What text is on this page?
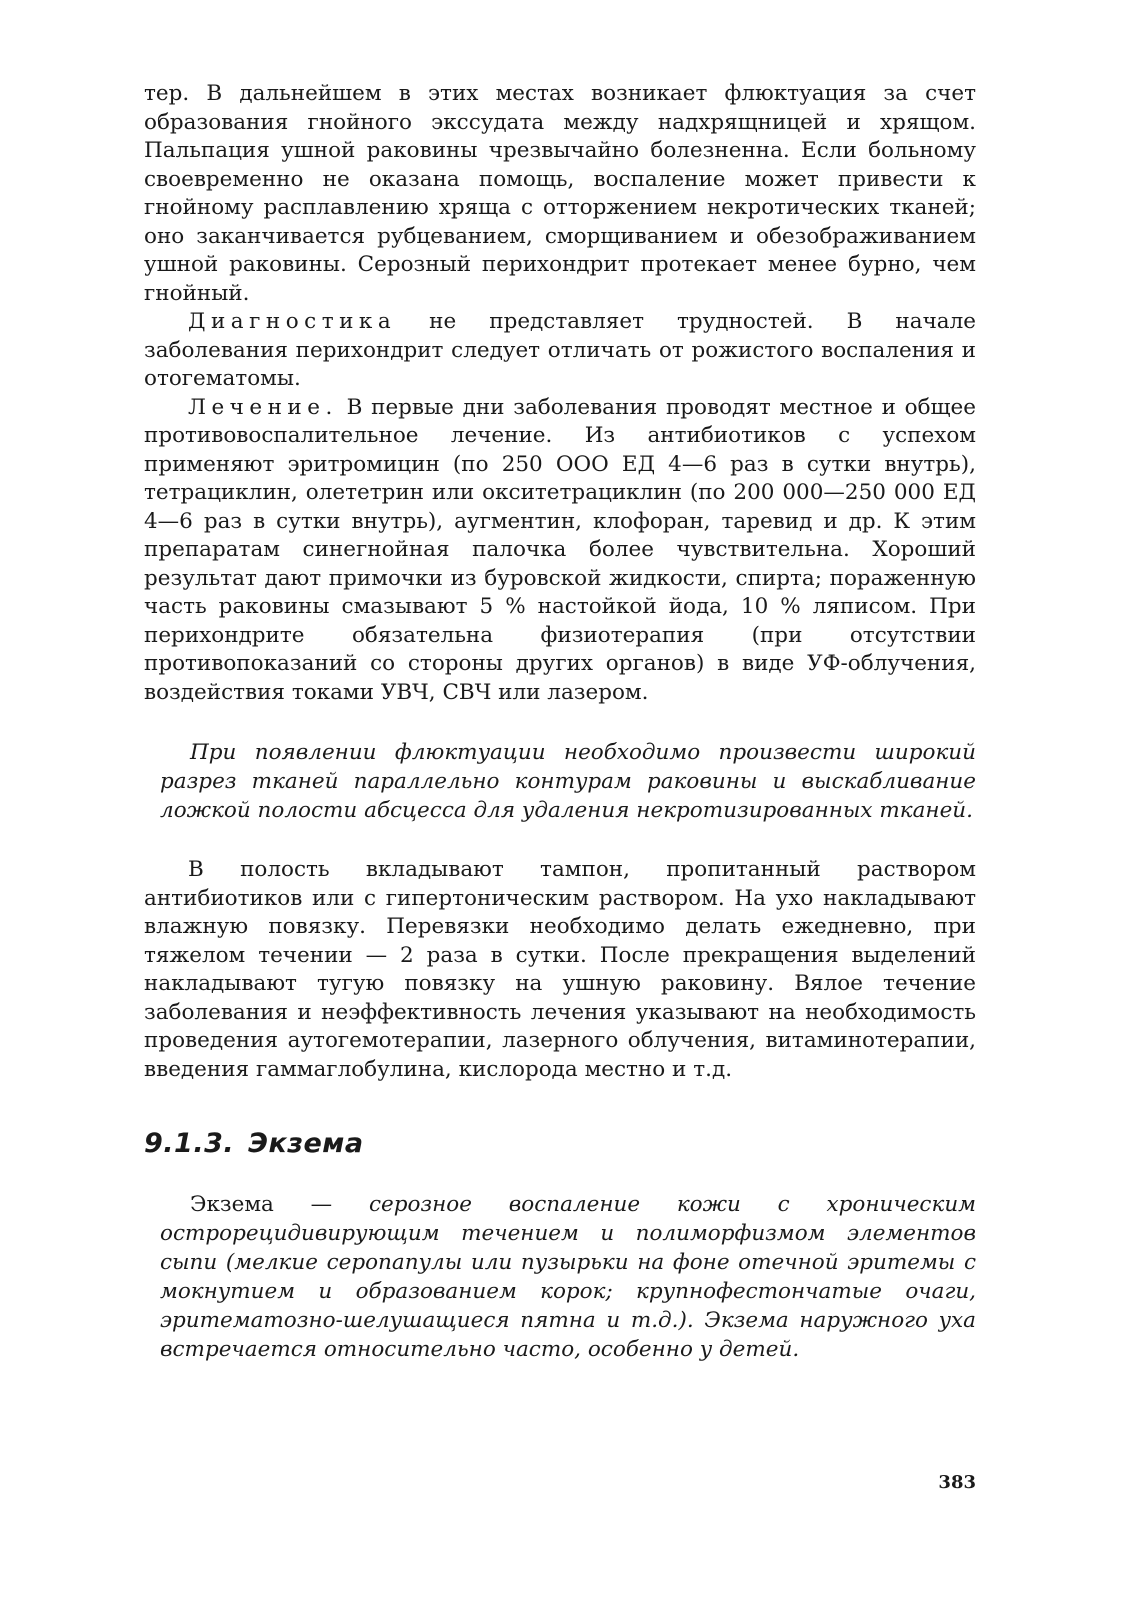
тер. В дальнейшем в этих местах возникает флюктуация за счет образования гнойного экссудата между надхрящницей и хрящом. Пальпация ушной раковины чрезвычайно болезненна. Если больному своевременно не оказана помощь, воспаление может привести к гнойному расплавлению хряща с отторжением некротических тканей; оно заканчивается рубцеванием, сморщиванием и обезображиванием ушной раковины. Серозный перихондрит протекает менее бурно, чем гнойный.

Диагностика не представляет трудностей. В начале заболевания перихондрит следует отличать от рожистого воспаления и отогематомы.

Лечение. В первые дни заболевания проводят местное и общее противовоспалительное лечение. Из антибиотиков с успехом применяют эритромицин (по 250 ООО ЕД 4—6 раз в сутки внутрь), тетрациклин, олететрин или окситетрациклин (по 200 000—250 000 ЕД 4—6 раз в сутки внутрь), аугментин, клофоран, таревид и др. К этим препаратам синегнойная палочка более чувствительна. Хороший результат дают примочки из буровской жидкости, спирта; пораженную часть раковины смазывают 5 % настойкой йода, 10 % ляписом. При перихондрите обязательна физиотерапия (при отсутствии противопоказаний со стороны других органов) в виде УФ-облучения, воздействия токами УВЧ, СВЧ или лазером.

При появлении флюктуации необходимо произвести широкий разрез тканей параллельно контурам раковины и выскабливание ложкой полости абсцесса для удаления некротизированных тканей.

В полость вкладывают тампон, пропитанный раствором антибиотиков или с гипертоническим раствором. На ухо накладывают влажную повязку. Перевязки необходимо делать ежедневно, при тяжелом течении — 2 раза в сутки. После прекращения выделений накладывают тугую повязку на ушную раковину. Вялое течение заболевания и неэффективность лечения указывают на необходимость проведения аутогемотерапии, лазерного облучения, витаминотерапии, введения гаммаглобулина, кислорода местно и т.д.

9.1.3. Экзема

Экзема — серозное воспаление кожи с хроническим острорецидивирующим течением и полиморфизмом элементов сыпи (мелкие серопапулы или пузырьки на фоне отечной эритемы с мокнутием и образованием корок; крупнофестончатые очаги, эритематозно-шелушащиеся пятна и т.д.). Экзема наружного уха встречается относительно часто, особенно у детей.

383
